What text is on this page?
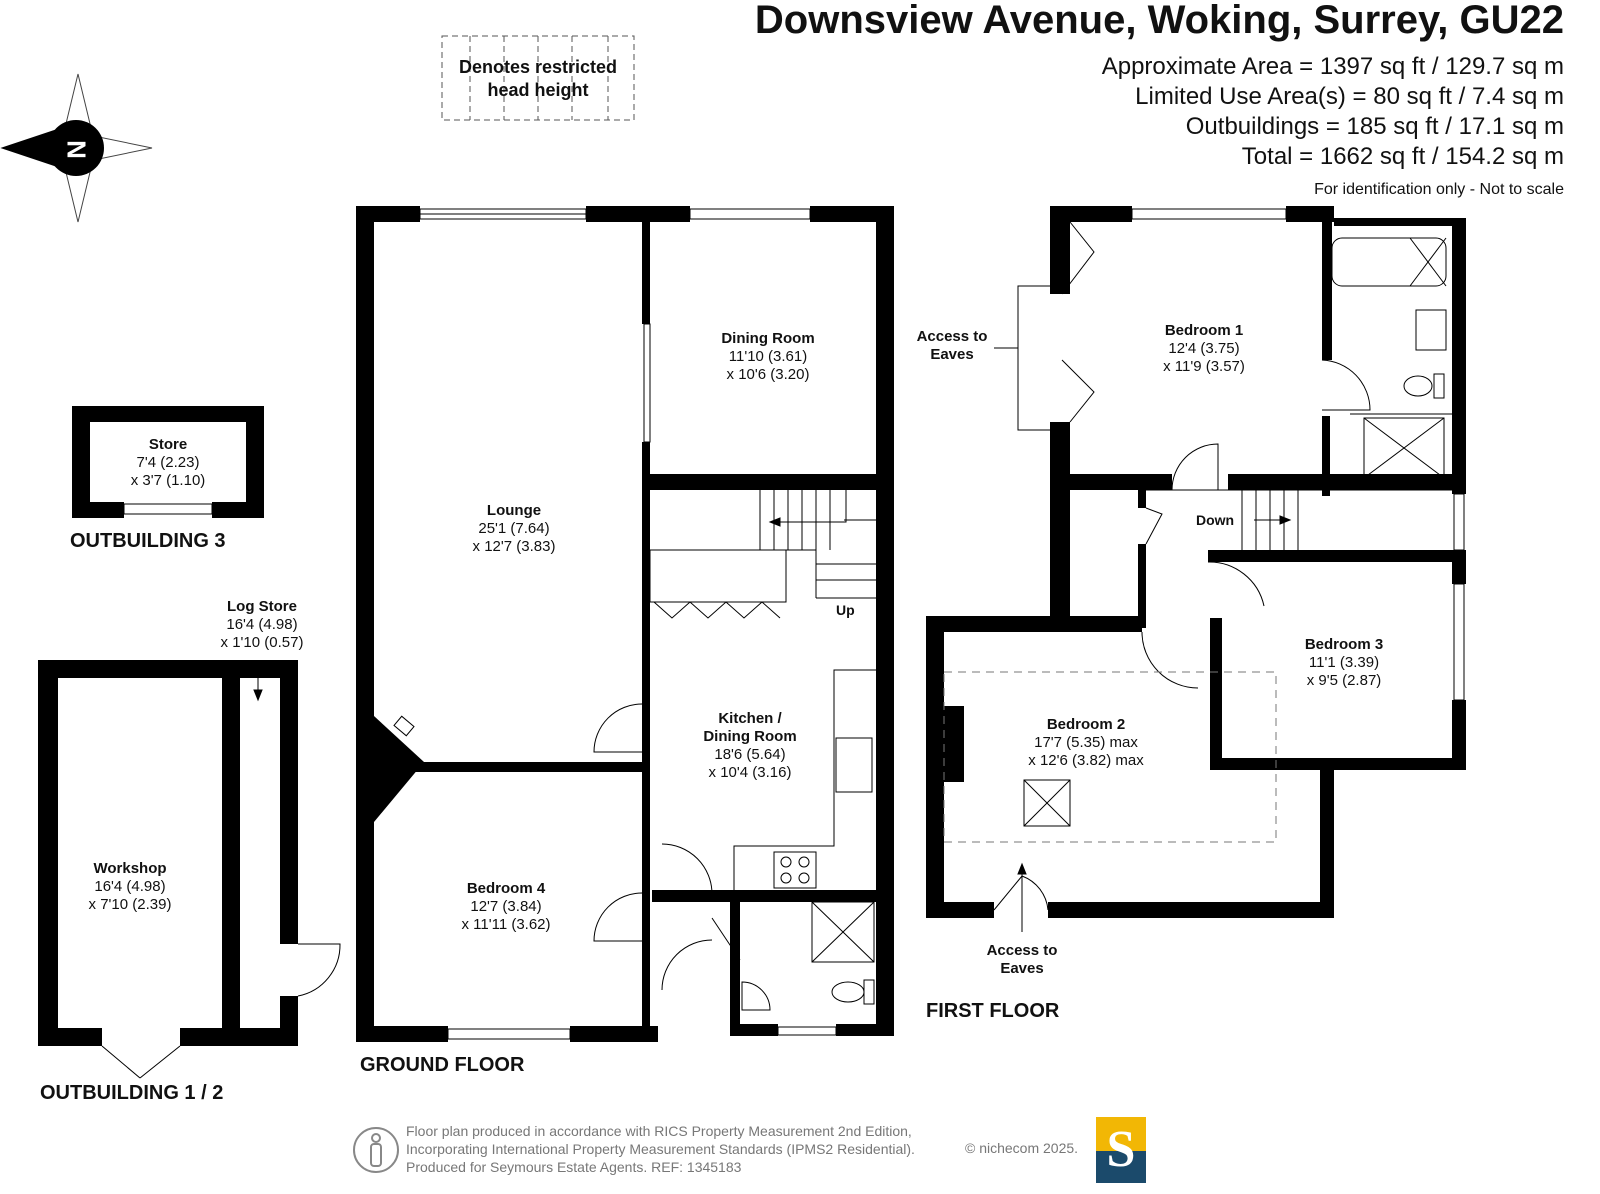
Downsview Avenue, Woking, Surrey, GU22
Approximate Area = 1397 sq ft / 129.7 sq m
Limited Use Area(s) = 80 sq ft / 7.4 sq m
Outbuildings = 185 sq ft / 17.1 sq m
Total = 1662 sq ft / 154.2 sq m
For identification only - Not to scale
N
Denotes restricted
head height
Lounge
25'1 (7.64)
x 12'7 (3.83)
Dining Room
11'10 (3.61)
x 10'6 (3.20)
Kitchen /
Dining Room
18'6 (5.64)
x 10'4 (3.16)
Bedroom 4
12'7 (3.84)
x 11'11 (3.62)
Bedroom 1
12'4 (3.75)
x 11'9 (3.57)
Bedroom 2
17'7 (5.35) max
x 12'6 (3.82) max
Bedroom 3
11'1 (3.39)
x 9'5 (2.87)
Store
7'4 (2.23)
x 3'7 (1.10)
Log Store
16'4 (4.98)
x 1'10 (0.57)
Workshop
16'4 (4.98)
x 7'10 (2.39)
Up
Down
Access to
Eaves
Access to
Eaves
GROUND FLOOR
FIRST FLOOR
OUTBUILDING 3
OUTBUILDING 1 / 2
Floor plan produced in accordance with RICS Property Measurement 2nd Edition,
Incorporating International Property Measurement Standards (IPMS2 Residential).
Produced for Seymours Estate Agents. REF: 1345183
© nichecom 2025. S
